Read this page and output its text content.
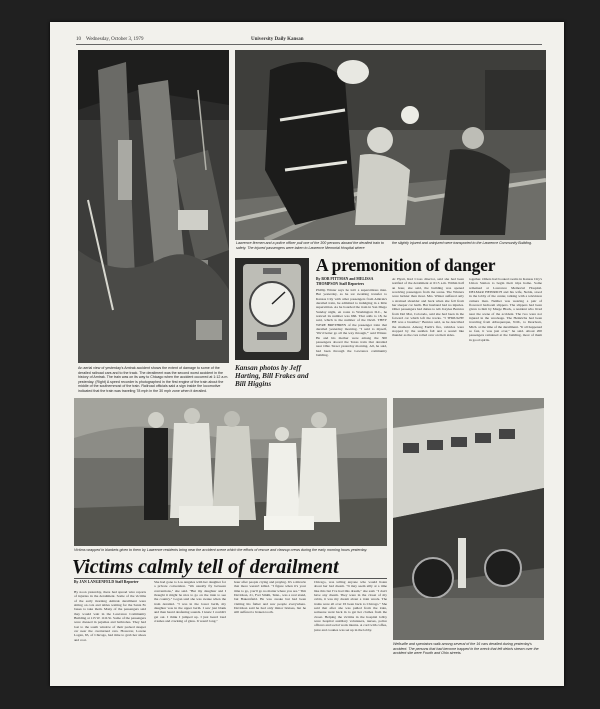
10 Wednesday, October 3, 1979	University Daily Kansan
Lawrence firemen and a police officer pull one of the 300 persons aboard the derailed train to safety. The injured passengers were taken to Lawrence Memorial Hospital where
the slightly injured and uninjured were transported to the Lawrence Community Building.
A premonition of danger
By BOB PITTMAN and MELISSA THOMPSON Staff Reporters
Phillip Winter says he isn't a superstitious man. But yesterday, as he sat awaiting transfer to Kansas City with other passengers from Amtrak's derailed train, he admitted to indulging in a little superstition. As he boarded the train in San Diego Sunday night, en route to Washington D.C., he noticed its number was 666. That adds to 18, he said, which is the number of the Devil. THEY WERE BRETHREN of the passenger train that derailed yesterday morning. "I said to myself, 'We'd better go all the way through,'" said Winter. He and his mother were among the 300 passengers aboard the Texas train that derailed near Ohio Street yesterday morning. All, he said, had been through the Lawrence community building.
At Hyatt, Red Cross director, said she had been notified of the derailment at 6:15 a.m. Within half an hour, she said, the building was opened receiving passengers from the scene. The Winters were luckier than most. Mrs. Winter suffered only a strained shoulder and back when she fell from her sleeper car berth. Her husband had no injuries. Other passengers had duties to tell. Kaylee Bernice from Del Mar, Colorado, said she had been in the forward car which left the tracks. "I THOUGHT HE was a breather," Bernice said, as he described the moment. Among Earth's fire, vehicles were stopped by the sudden fall and a sound like thunder as the cars rolled over on their sides.
together. Others had booked rooms in Kansas City's Union Station to begin their trips home. Some remained at Lawrence Memorial Hospital. DELMAR HEINRICH and his wife, Nelda, stood in the lobby of the center, talking with a television camera man. Neither was wearing a pair of flowered bedroom slippers. The slippers had been given to him by Marge Black, a resident who lived near the scene of the accident. The two were not injured in the wreckage. The Heinrichs had been traveling from Albuquerque, N.M., to Dearborn, Mich. at the time of the derailment. "It all happened so fast, it was just over," he said. About 200 passengers remained at the building, most of them in good spirits.
An aerial view of yesterday's Amtrak accident shows the extent of damage to some of the derailed railroad cars and to the track. The derailment was the second worst accident in the history of Amtrak. The train was on its way to Chicago when the accident occurred at 1:12 a.m. yesterday. (Right) A speed recorder is photographed in the first engine of the train about the middle of the southernmost of the train. Railroad officials said a sign inside the locomotive indicated that the train was traveling 78 mph in the 30 mph zone when it derailed.
Kansan photos by Jeff Harting, Bill Frakes and Bill Higgins
Victims wrapped in blankets given to them by Lawrence residents bring near the accident scene which the efforts of rescue and cleanup crews during the early morning hours yesterday.
Victims calmly tell of derailment
By JAN LANGENFELD Staff Reporter
By noon yesterday, there had spread wire reports of injuries in the derailment. Some of the victims of the early morning Amtrak derailment were sitting on cots and tables waiting for the Santa Fe buses to take them. Many of the passengers said they would wait in the Lawrence Community Building at 115 W. 11th St. Some of the passengers were dressed in pajamas and bathrobes. They had lost to the south window of their packed sleeper car near the overturned cars. However, Lorene Logan, 65, of Chicago, had time to grab her shoes and coat.
She had gone to Los Angeles with her daughter for a private convention. "We usually fly between conventions," she said. "But my daughter and I thought it might be nice to go on the train to see the country." Logan said she was awake when the train derailed. "I was in the lower berth, my daughter was in the upper berth. I saw just blank and then heard deafening sounds. I knew I couldn't get out. I think I jumped up. I just heard loud crashes and cracking of glass. It wasn't long."
hour after people crying and praying. It's a miracle that more weren't killed. "I figure when it's your time to go, you'll go no matter where you are." Tim Davidson, 21, Fort Smith, Tenn., was a real stand, but Bakersfield. He was awake but had been visiting his father and saw people everywhere. Davidson said he had only minor bruises, but he still suffered a broken tooth.
Chicago, was telling anyone who would listen about her bad dream. "It may seem silly at a time like this but I've had this dream," she said. "I don't have any dream. They were in the closet of my cabin, it was my dream about a train wreck. The trains were all over I'd been back to Chicago." She said that after she was pulled from the train, someone went back in to get her clothes from the closet. Helping the victims in the hospital lobby were hospital auxiliary volunteers, nurses, police officers and social work interns. A cord with coffee, juice and cookies was set up in the lobby.
Wellsville and spectators walk among several of the 16 cars derailed during yesterday's accident. The persons that had become trapped in the wreck that left debris strewn over the accident site were Fourth and Ohio streets.
